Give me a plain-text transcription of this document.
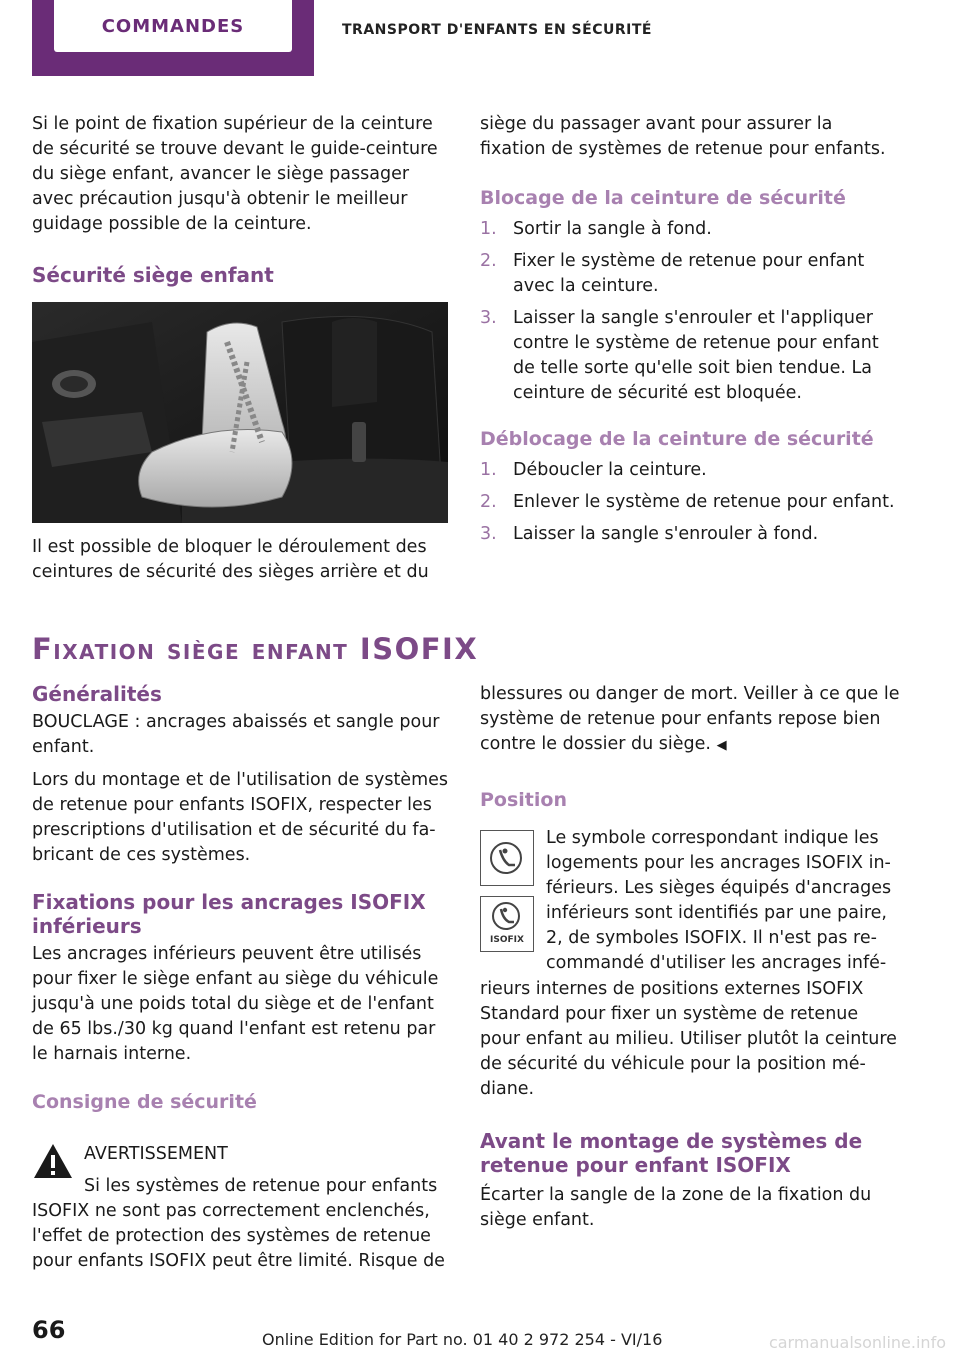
COMMANDES	TRANSPORT D'ENFANTS EN SÉCURITÉ

Si le point de fixation supérieur de la ceinture de sécurité se trouve devant le guide-ceinture du siège enfant, avancer le siège passager avec précaution jusqu'à obtenir le meilleur guidage possible de la ceinture.

Sécurité siège enfant

Il est possible de bloquer le déroulement des ceintures de sécurité des sièges arrière et du

siège du passager avant pour assurer la fixation de systèmes de retenue pour enfants.

Blocage de la ceinture de sécurité

1. Sortir la sangle à fond.
2. Fixer le système de retenue pour enfant avec la ceinture.
3. Laisser la sangle s'enrouler et l'appliquer contre le système de retenue pour enfant de telle sorte qu'elle soit bien tendue. La ceinture de sécurité est bloquée.

Déblocage de la ceinture de sécurité

1. Déboucler la ceinture.
2. Enlever le système de retenue pour enfant.
3. Laisser la sangle s'enrouler à fond.

Fixation siège enfant ISOFIX

Généralités

BOUCLAGE : ancrages abaissés et sangle pour enfant.

Lors du montage et de l'utilisation de systèmes de retenue pour enfants ISOFIX, respecter les prescriptions d'utilisation et de sécurité du fa-bricant de ces systèmes.

Fixations pour les ancrages ISOFIX inférieurs

Les ancrages inférieurs peuvent être utilisés pour fixer le siège enfant au siège du véhicule jusqu'à une poids total du siège et de l'enfant de 65 lbs./30 kg quand l'enfant est retenu par le harnais interne.

Consigne de sécurité

AVERTISSEMENT

Si les systèmes de retenue pour enfants

ISOFIX ne sont pas correctement enclenchés, l'effet de protection des systèmes de retenue pour enfants ISOFIX peut être limité. Risque de

blessures ou danger de mort. Veiller à ce que le système de retenue pour enfants repose bien contre le dossier du siège. ◀

Position

ISOFIX

Le symbole correspondant indique les logements pour les ancrages ISOFIX in-férieurs. Les sièges équipés d'ancrages inférieurs sont identifiés par une paire, 2, de symboles ISOFIX. Il n'est pas re-commandé d'utiliser les ancrages infé-

rieurs internes de positions externes ISOFIX Standard pour fixer un système de retenue pour enfant au milieu. Utiliser plutôt la ceinture de sécurité du véhicule pour la position mé-diane.

Avant le montage de systèmes de retenue pour enfant ISOFIX

Écarter la sangle de la zone de la fixation du siège enfant.

66	Online Edition for Part no. 01 40 2 972 254 - VI/16	carmanualsonline.info
